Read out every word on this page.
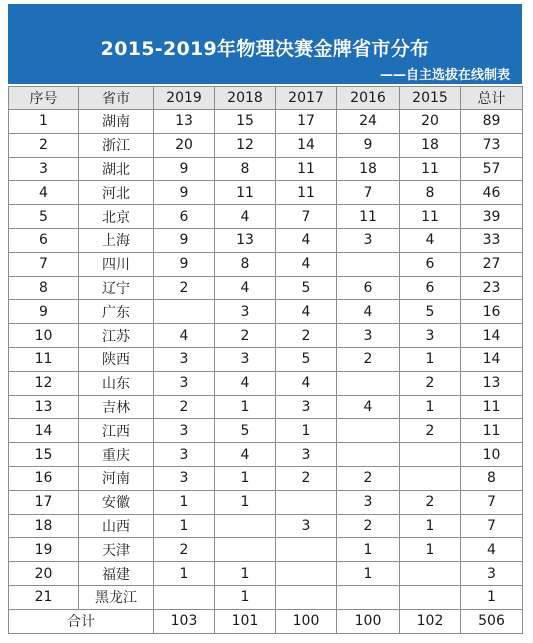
2015-2019年物理决赛金牌省市分布
——自主选拔在线制表
序号	省市	2019	2018	2017	2016	2015	总计
1	湖南	13	15	17	24	20	89
2	浙江	20	12	14	9	18	73
3	湖北	9	8	11	18	11	57
4	河北	9	11	11	7	8	46
5	北京	6	4	7	11	11	39
6	上海	9	13	4	3	4	33
7	四川	9	8	4		6	27
8	辽宁	2	4	5	6	6	23
9	广东		3	4	4	5	16
10	江苏	4	2	2	3	3	14
11	陕西	3	3	5	2	1	14
12	山东	3	4	4		2	13
13	吉林	2	1	3	4	1	11
14	江西	3	5	1		2	11
15	重庆	3	4	3			10
16	河南	3	1	2	2		8
17	安徽	1	1		3	2	7
18	山西	1		3	2	1	7
19	天津	2			1	1	4
20	福建	1	1		1		3
21	黑龙江		1				1
合计		103	101	100	100	102	506
